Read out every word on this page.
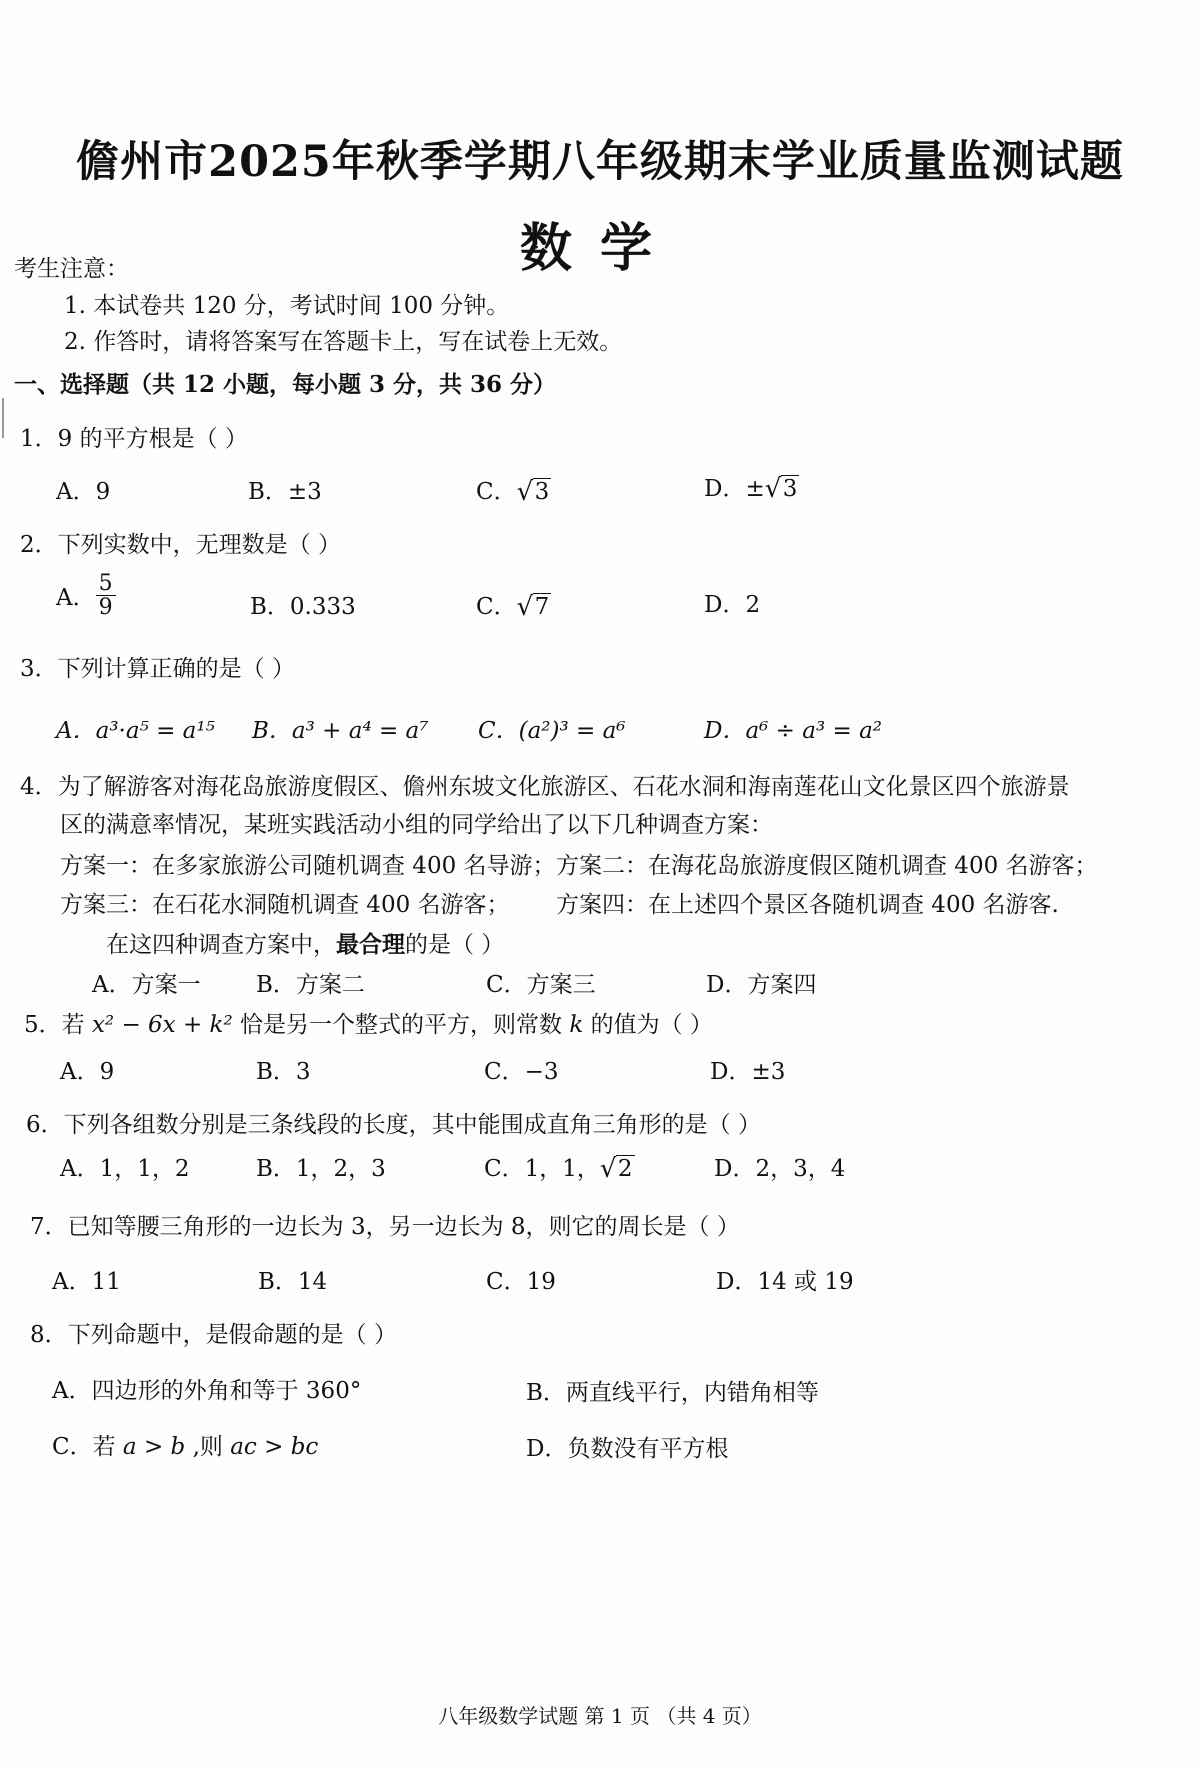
儋州市2025年秋季学期八年级期末学业质量监测试题
数学
考生注意：
1. 本试卷共 120 分，考试时间 100 分钟。
2. 作答时，请将答案写在答题卡上，写在试卷上无效。
一、选择题（共 12 小题，每小题 3 分，共 36 分）
1．9 的平方根是（ ）
A．9	B．±3	C． √ 3	D．± √ 3
2．下列实数中，无理数是（ ）
A． $\frac{5}{9}$	B．0.333	C． √ 7	D．2
3．下列计算正确的是（ ）
A．a³·a⁵ = a¹⁵ B．a³ + a⁴ = a⁷ C．(a²)³ = a⁶	D．a⁶ ÷ a³ = a²
4．为了解游客对海花岛旅游度假区、儋州东坡文化旅游区、石花水洞和海南莲花山文化景区四个旅游景
区的满意率情况，某班实践活动小组的同学给出了以下几种调查方案：
方案一：在多家旅游公司随机调查 400 名导游； 方案二：在海花岛旅游度假区随机调查 400 名游客；
方案三：在石花水洞随机调查 400 名游客； 方案四：在上述四个景区各随机调查 400 名游客.
在这四种调查方案中，最合理的是（ ）
A．方案一 B．方案二	C．方案三	D．方案四
5．若 x² − 6x + k² 恰是另一个整式的平方，则常数 k 的值为（ ）
A．9	B．3	C．−3	D．±3
6．下列各组数分别是三条线段的长度，其中能围成直角三角形的是（ ）
A．1，1，2	B．1，2，3	C．1，1， √ 2	D．2，3，4
7．已知等腰三角形的一边长为 3，另一边长为 8，则它的周长是（ ）
A．11	B．14	C．19	D．14 或 19
8．下列命题中，是假命题的是（ ）
A．四边形的外角和等于 360°	B．两直线平行，内错角相等
C．若 a > b ,则 ac > bc	D．负数没有平方根
八年级数学试题 第 1 页 （共 4 页）
